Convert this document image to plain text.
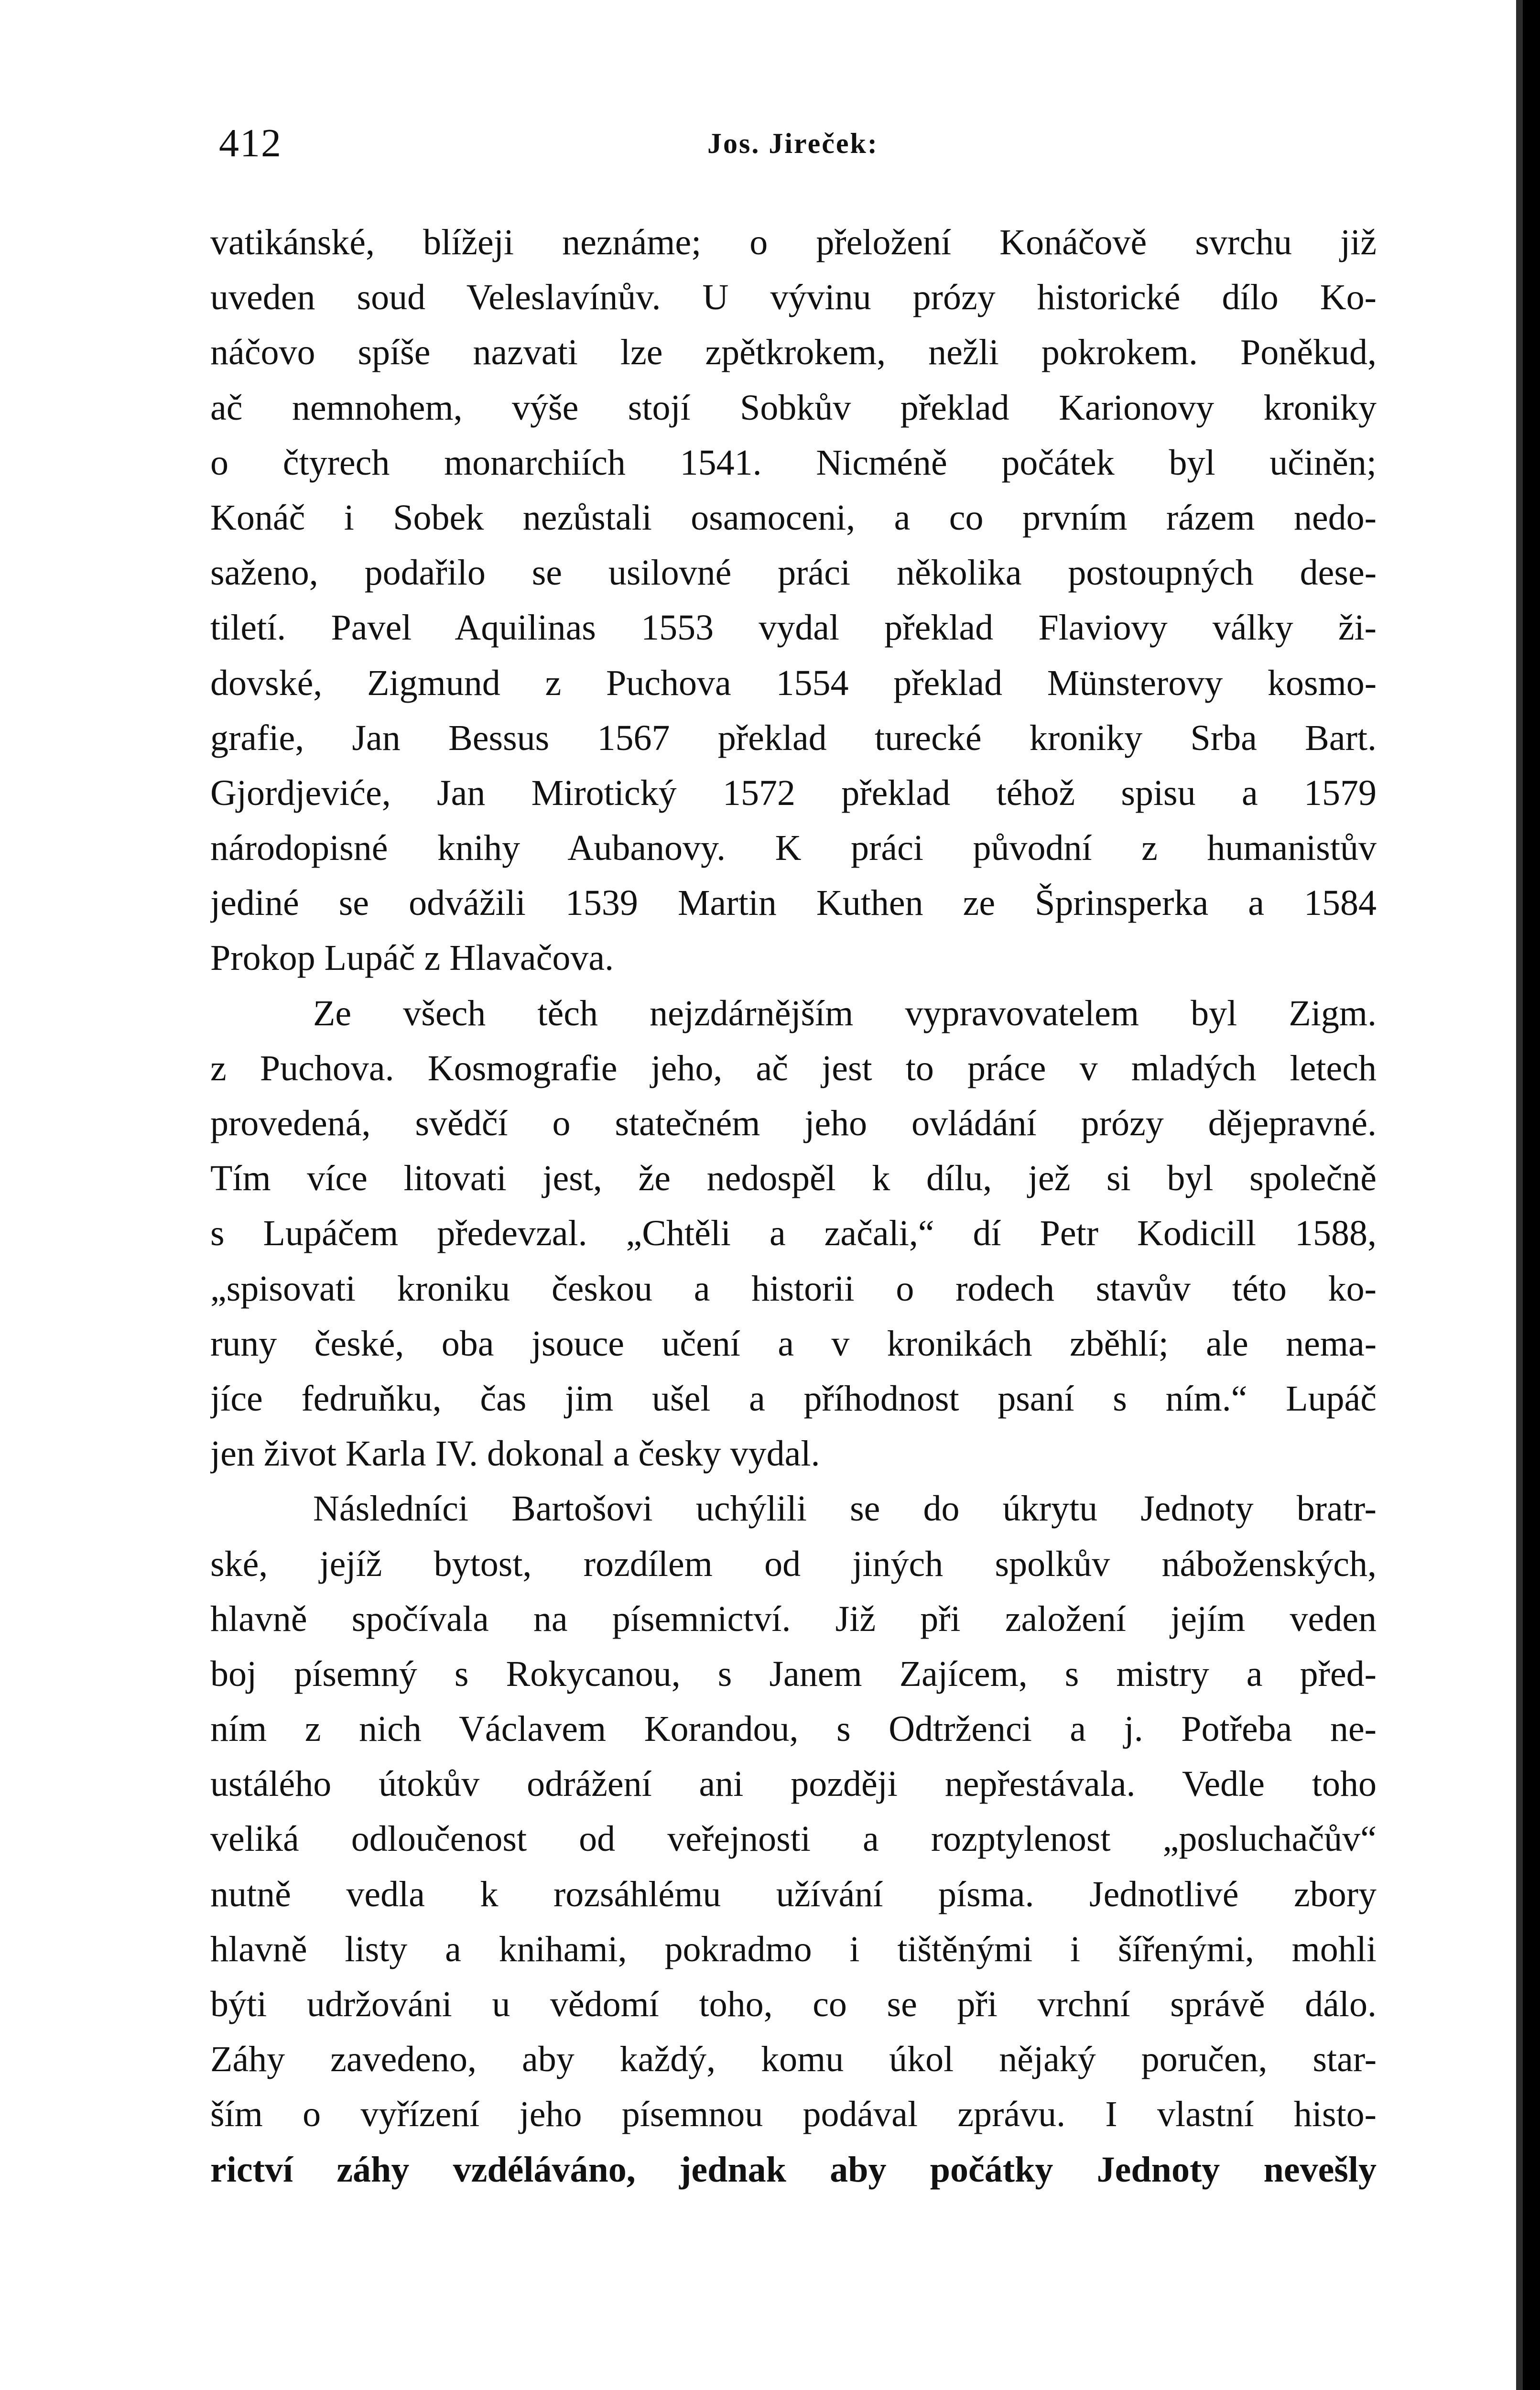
412	Jos. Jireček:
vatikánské, blížeji neznáme; o přeložení Konáčově svrchu již
uveden soud Veleslavínův. U vývinu prózy historické dílo Ko-
náčovo spíše nazvati lze zpětkrokem, nežli pokrokem. Poněkud,
ač nemnohem, výše stojí Sobkův překlad Karionovy kroniky
o čtyrech monarchiích 1541. Nicméně počátek byl učiněn;
Konáč i Sobek nezůstali osamoceni, a co prvním rázem nedo-
saženo, podařilo se usilovné práci několika postoupných dese-
tiletí. Pavel Aquilinas 1553 vydal překlad Flaviovy války ži-
dovské, Zigmund z Puchova 1554 překlad Münsterovy kosmo-
grafie, Jan Bessus 1567 překlad turecké kroniky Srba Bart.
Gjordjeviće, Jan Mirotický 1572 překlad téhož spisu a 1579
národopisné knihy Aubanovy. K práci původní z humanistův
jediné se odvážili 1539 Martin Kuthen ze Šprinsperka a 1584
Prokop Lupáč z Hlavačova.
Ze všech těch nejzdárnějším vypravovatelem byl Zigm.
z Puchova. Kosmografie jeho, ač jest to práce v mladých letech
provedená, svědčí o statečném jeho ovládání prózy dějepravné.
Tím více litovati jest, že nedospěl k dílu, jež si byl společně
s Lupáčem předevzal. „Chtěli a začali,“ dí Petr Kodicill 1588,
„spisovati kroniku českou a historii o rodech stavův této ko-
runy české, oba jsouce učení a v kronikách zběhlí; ale nema-
jíce fedruňku, čas jim ušel a příhodnost psaní s ním.“ Lupáč
jen život Karla IV. dokonal a česky vydal.
Následníci Bartošovi uchýlili se do úkrytu Jednoty bratr-
ské, jejíž bytost, rozdílem od jiných spolkův náboženských,
hlavně spočívala na písemnictví. Již při založení jejím veden
boj písemný s Rokycanou, s Janem Zajícem, s mistry a před-
ním z nich Václavem Korandou, s Odtrženci a j. Potřeba ne-
ustálého útokův odrážení ani později nepřestávala. Vedle toho
veliká odloučenost od veřejnosti a rozptylenost „posluchačův“
nutně vedla k rozsáhlému užívání písma. Jednotlivé zbory
hlavně listy a knihami, pokradmo i tištěnými i šířenými, mohli
býti udržováni u vědomí toho, co se při vrchní správě dálo.
Záhy zavedeno, aby každý, komu úkol nějaký poručen, star-
ším o vyřízení jeho písemnou podával zprávu. I vlastní histo-
rictví záhy vzdéláváno, jednak aby počátky Jednoty nevešly
